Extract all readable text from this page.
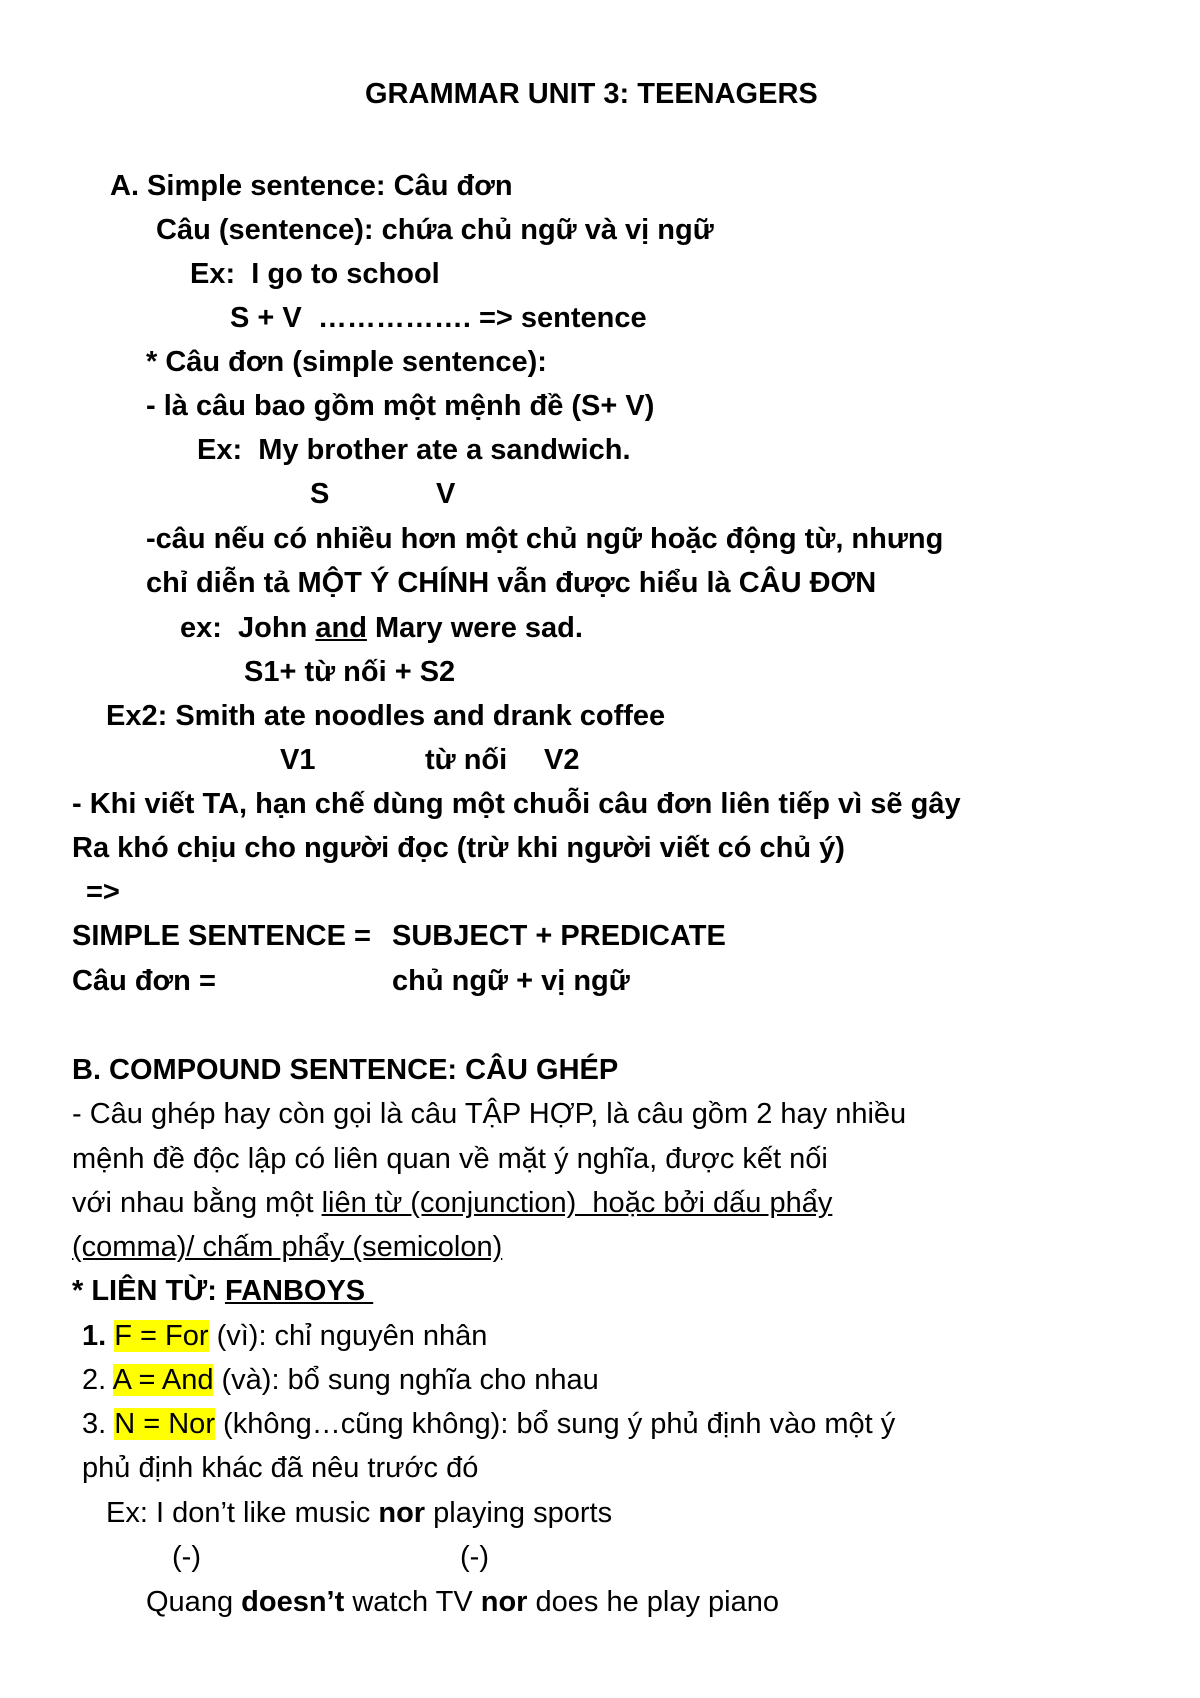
GRAMMAR UNIT 3: TEENAGERS
A. Simple sentence: Câu đơn
Câu (sentence): chứa chủ ngữ và vị ngữ
Ex:  I go to school
S + V  ……………. => sentence
* Câu đơn (simple sentence):
- là câu bao gồm một mệnh đề (S+ V)
Ex:  My brother ate a sandwich.
S	V
-câu nếu có nhiều hơn một chủ ngữ hoặc động từ, nhưng
chỉ diễn tả MỘT Ý CHÍNH vẫn được hiểu là CÂU ĐƠN
ex:  John and Mary were sad.
S1+ từ nối + S2
Ex2: Smith ate noodles and drank coffee
V1	từ nối V2
- Khi viết TA, hạn chế dùng một chuỗi câu đơn liên tiếp vì sẽ gây
Ra khó chịu cho người đọc (trừ khi người viết có chủ ý)
=>
SIMPLE SENTENCE = SUBJECT + PREDICATE
Câu đơn =	chủ ngữ + vị ngữ
B. COMPOUND SENTENCE: CÂU GHÉP
- Câu ghép hay còn gọi là câu TẬP HỢP, là câu gồm 2 hay nhiều
mệnh đề độc lập có liên quan về mặt ý nghĩa, được kết nối
với nhau bằng một liên từ (conjunction)  hoặc bởi dấu phẩy
(comma)/ chấm phẩy (semicolon)
* LIÊN TỪ: FANBOYS
1. F = For (vì): chỉ nguyên nhân
2. A = And (và): bổ sung nghĩa cho nhau
3. N = Nor (không…cũng không): bổ sung ý phủ định vào một ý
phủ định khác đã nêu trước đó
Ex: I don’t like music nor playing sports
(-)	(-)
Quang doesn’t watch TV nor does he play piano
